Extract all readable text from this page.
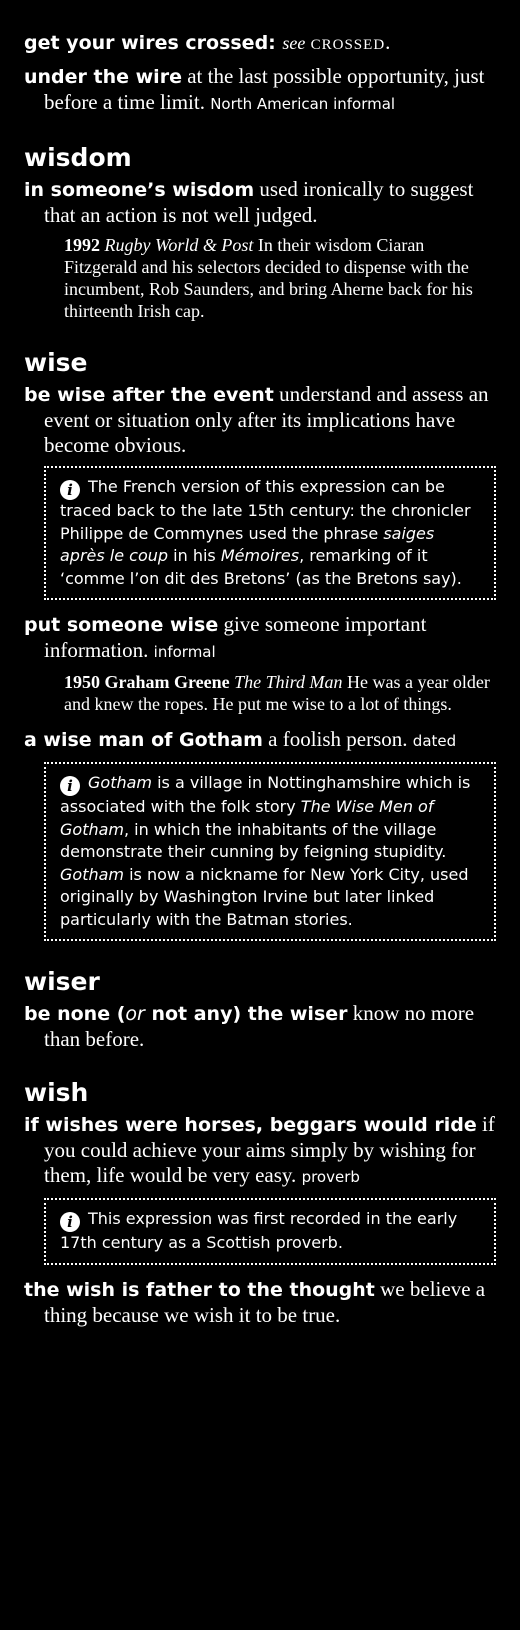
get your wires crossed: see CROSSED.

under the wire at the last possible opportunity, just before a time limit. North American informal

wisdom

in someone’s wisdom used ironically to suggest that an action is not well judged.

1992 Rugby World & Post In their wisdom Ciaran Fitzgerald and his selectors decided to dispense with the incumbent, Rob Saunders, and bring Aherne back for his thirteenth Irish cap.

wise

be wise after the event understand and assess an event or situation only after its implications have become obvious.

i The French version of this expression can be traced back to the late 15th century: the chronicler Philippe de Commynes used the phrase saiges après le coup in his Mémoires, remarking of it ‘comme l’on dit des Bretons’ (as the Bretons say).

put someone wise give someone important information. informal

1950 Graham Greene The Third Man He was a year older and knew the ropes. He put me wise to a lot of things.

a wise man of Gotham a foolish person. dated

i Gotham is a village in Nottinghamshire which is associated with the folk story The Wise Men of Gotham, in which the inhabitants of the village demonstrate their cunning by feigning stupidity. Gotham is now a nickname for New York City, used originally by Washington Irvine but later linked particularly with the Batman stories.
wiser

be none (or not any) the wiser know no more than before.

wish

if wishes were horses, beggars would ride if you could achieve your aims simply by wishing for them, life would be very easy. proverb

i This expression was first recorded in the early 17th century as a Scottish proverb.

the wish is father to the thought we believe a thing because we wish it to be true.
